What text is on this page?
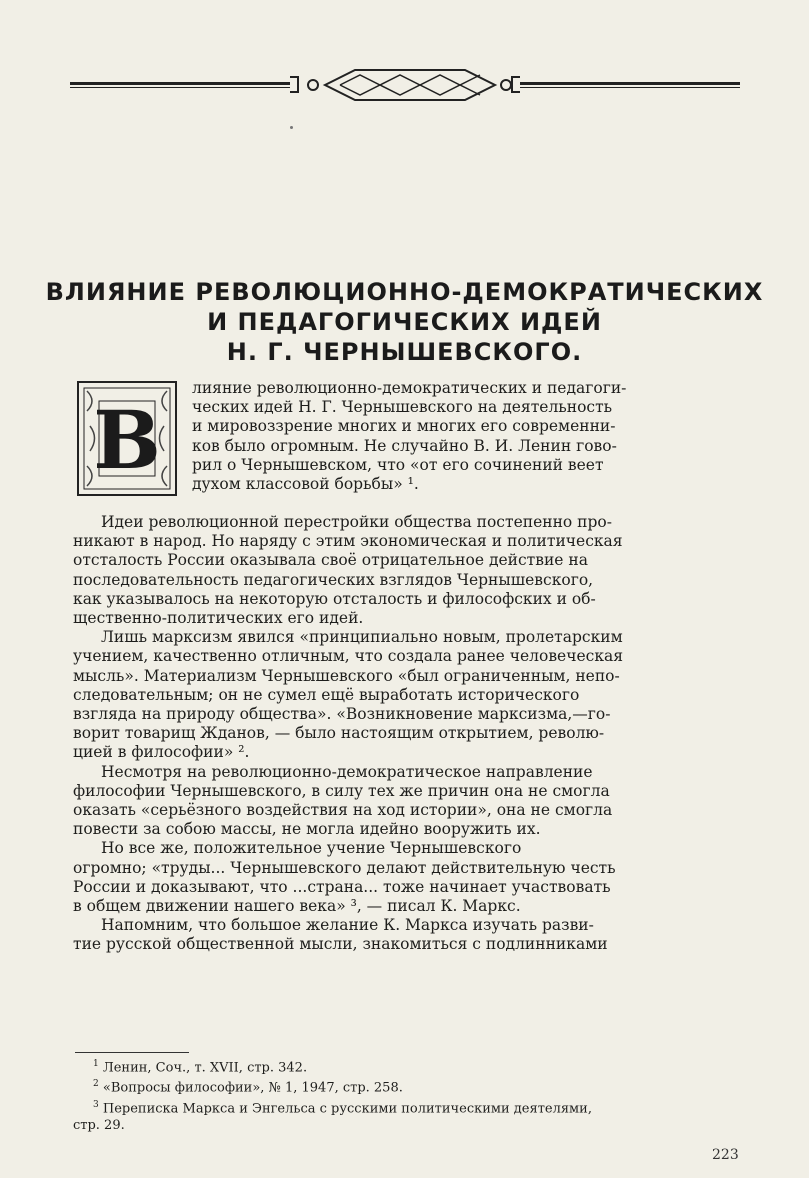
ВЛИЯНИЕ РЕВОЛЮЦИОННО-ДЕМОКРАТИЧЕСКИХ
И ПЕДАГОГИЧЕСКИХ ИДЕЙ
Н. Г. ЧЕРНЫШЕВСКОГО.
В

лияние революционно-демократических и педагоги-

ческих идей Н. Г. Чернышевского на деятельность

и мировоззрение многих и многих его современни-

ков было огромным. Не случайно В. И. Ленин гово-

рил о Чернышевском, что «от его сочинений веет

духом классовой борьбы» ¹.

Идеи революционной перестройки общества постепенно про-

никают в народ. Но наряду с этим экономическая и политическая

отсталость России оказывала своё отрицательное действие на

последовательность педагогических взглядов Чернышевского,

как указывалось на некоторую отсталость и философских и об-

щественно-политических его идей.

Лишь марксизм явился «принципиально новым, пролетарским

учением, качественно отличным, что создала ранее человеческая

мысль». Материализм Чернышевского «был ограниченным, непо-

следовательным; он не сумел ещё выработать исторического

взгляда на природу общества». «Возникновение марксизма,—го-

ворит товарищ Жданов, — было настоящим открытием, револю-

цией в философии» ².

Несмотря на революционно-демократическое направление

философии Чернышевского, в силу тех же причин она не смогла

оказать «серьёзного воздействия на ход истории», она не смогла

повести за собою массы, не могла идейно вооружить их.

Но все же, положительное учение Чернышевского

огромно; «труды... Чернышевского делают действительную честь

России и доказывают, что ...страна... тоже начинает участвовать

в общем движении нашего века» ³, — писал К. Маркс.

Напомним, что большое желание К. Маркса изучать разви-

тие русской общественной мысли, знакомиться с подлинниками

$^1$ Ленин, Соч., т. XVII, стр. 342.

$^2$ «Вопросы философии», № 1, 1947, стр. 258.

$^3$ Переписка Маркса и Энгельса с русскими политическими деятелями,

стр. 29.

223
